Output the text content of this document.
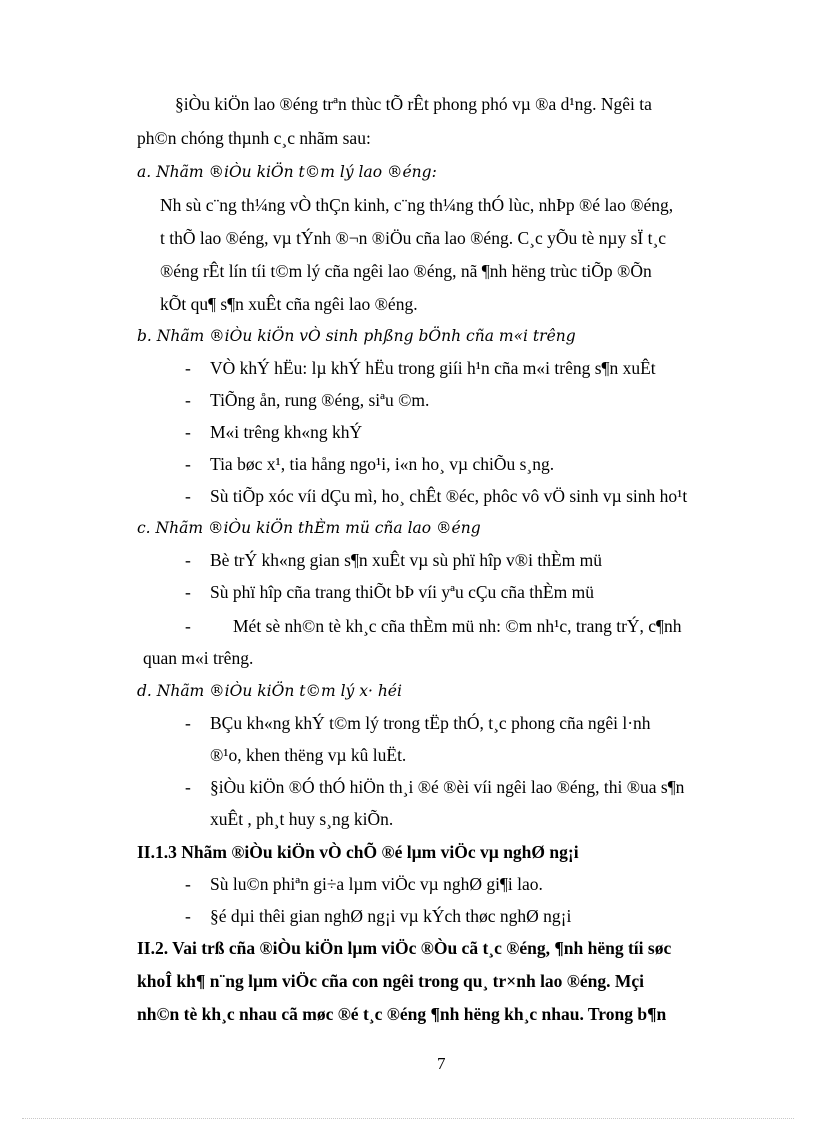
§iÒu kiÖn lao ®éng trªn thùc tÕ rÊt phong phó vµ ®a d¹ng. Ngêi ta
ph©n chóng thµnh c¸c nhãm sau:
a. Nhãm ®iÒu kiÖn t©m lý lao ®éng:
Nh sù c¨ng th¼ng vÒ thÇn kinh, c¨ng th¼ng thÓ lùc, nhÞp ®é lao ®éng,
t thÕ lao ®éng, vµ tÝnh ®¬n ®iÖu cña lao ®éng. C¸c yÕu tè nµy sÏ t¸c
®éng rÊt lín tíi t©m lý cña ngêi lao ®éng, nã ¶nh hëng trùc tiÕp ®Õn
kÕt qu¶ s¶n xuÊt cña ngêi lao ®éng.
b. Nhãm ®iÒu kiÖn vÒ sinh phßng bÖnh cña m«i trêng
- VÒ khÝ hËu: lµ khÝ hËu trong giíi h¹n cña m«i trêng s¶n xuÊt
- TiÕng ån, rung ®éng, siªu ©m.
- M«i trêng kh«ng khÝ
- Tia bøc x¹, tia hång ngo¹i, i«n ho¸ vµ chiÕu s¸ng.
- Sù tiÕp xóc víi dÇu mì, ho¸ chÊt ®éc, phôc vô vÖ sinh vµ sinh ho¹t
c. Nhãm ®iÒu kiÖn thÈm mü cña lao ®éng
- Bè trÝ kh«ng gian s¶n xuÊt vµ sù phï hîp v®i thÈm mü
- Sù phï hîp cña trang thiÕt bÞ víi yªu cÇu cña thÈm mü
- Mét sè nh©n tè kh¸c cña thÈm mü nh: ©m nh¹c, trang trÝ, c¶nh
quan m«i trêng.
d. Nhãm ®iÒu kiÖn t©m lý x· héi
- BÇu kh«ng khÝ t©m lý trong tËp thÓ, t¸c phong cña ngêi l·nh
®¹o, khen thëng vµ kû luËt.
- §iÒu kiÖn ®Ó thÓ hiÖn th¸i ®é ®èi víi ngêi lao ®éng, thi ®ua s¶n
xuÊt , ph¸t huy s¸ng kiÕn.
II.1.3 Nhãm ®iÒu kiÖn vÒ chÕ ®é lµm viÖc vµ nghØ ng¡i
- Sù lu©n phiªn gi÷a lµm viÖc vµ nghØ gi¶i lao.
- §é dµi thêi gian nghØ ng¡i vµ kÝch thøc nghØ ng¡i
II.2. Vai trß cña ®iÒu kiÖn lµm viÖc ®Òu cã t¸c ®éng, ¶nh hëng tíi søc
khoÎ kh¶ n¨ng lµm viÖc cña con ngêi trong qu¸ tr×nh lao ®éng. Mçi
nh©n tè kh¸c nhau cã møc ®é t¸c ®éng ¶nh hëng kh¸c nhau. Trong b¶n
7
